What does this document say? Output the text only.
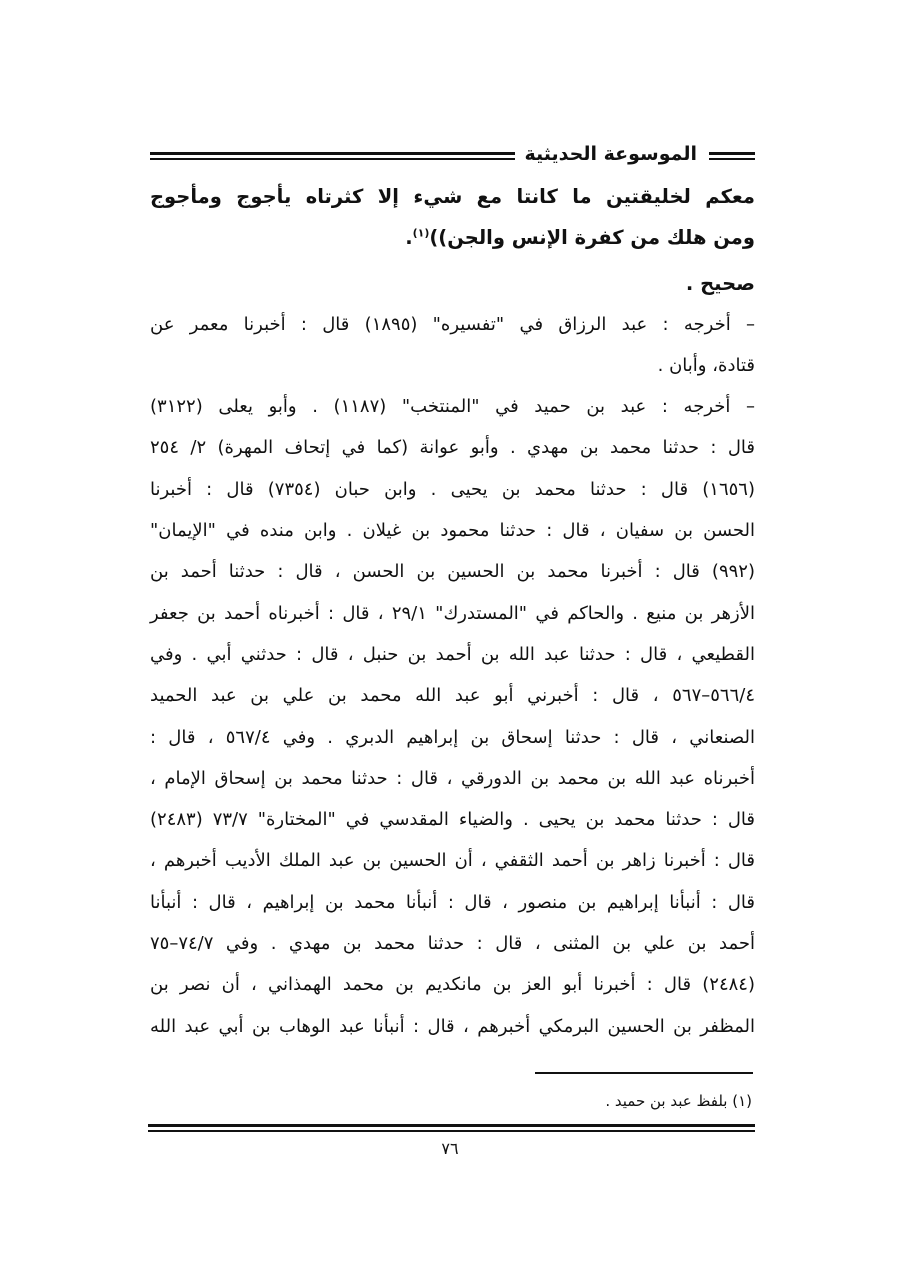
الموسوعة الحديثية
معكم لخليقتين ما كانتا مع شيء إلا كثرتاه يأجوج ومأجوج
ومن هلك من كفرة الإنس والجن))$^{(١)}$.
صحيح .
– أخرجه : عبد الرزاق في "تفسيره" (١٨٩٥) قال : أخبرنا معمر عن
قتادة، وأبان .
– أخرجه : عبد بن حميد في "المنتخب" (١١٨٧) . وأبو يعلى (٣١٢٢)
قال : حدثنا محمد بن مهدي . وأبو عوانة (كما في إتحاف المهرة) ٢/ ٢٥٤
(١٦٥٦) قال : حدثنا محمد بن يحيى . وابن حبان (٧٣٥٤) قال : أخبرنا
الحسن بن سفيان ، قال : حدثنا محمود بن غيلان . وابن منده في "الإيمان"
(٩٩٢) قال : أخبرنا محمد بن الحسين بن الحسن ، قال : حدثنا أحمد بن
الأزهر بن منيع . والحاكم في "المستدرك" ٢٩/١ ، قال : أخبرناه أحمد بن جعفر
القطيعي ، قال : حدثنا عبد الله بن أحمد بن حنبل ، قال : حدثني أبي . وفي
٥٦٦/٤–٥٦٧ ، قال : أخبرني أبو عبد الله محمد بن علي بن عبد الحميد
الصنعاني ، قال : حدثنا إسحاق بن إبراهيم الدبري . وفي ٥٦٧/٤ ، قال :
أخبرناه عبد الله بن محمد بن الدورقي ، قال : حدثنا محمد بن إسحاق الإمام ،
قال : حدثنا محمد بن يحيى . والضياء المقدسي في "المختارة" ٧٣/٧ (٢٤٨٣)
قال : أخبرنا زاهر بن أحمد الثقفي ، أن الحسين بن عبد الملك الأديب أخبرهم ،
قال : أنبأنا إبراهيم بن منصور ، قال : أنبأنا محمد بن إبراهيم ، قال : أنبأنا
أحمد بن علي بن المثنى ، قال : حدثنا محمد بن مهدي . وفي ٧٤/٧–٧٥
(٢٤٨٤) قال : أخبرنا أبو العز بن مانكديم بن محمد الهمذاني ، أن نصر بن
المظفر بن الحسين البرمكي أخبرهم ، قال : أنبأنا عبد الوهاب بن أبي عبد الله
(١) بلفظ عبد بن حميد .
٧٦
